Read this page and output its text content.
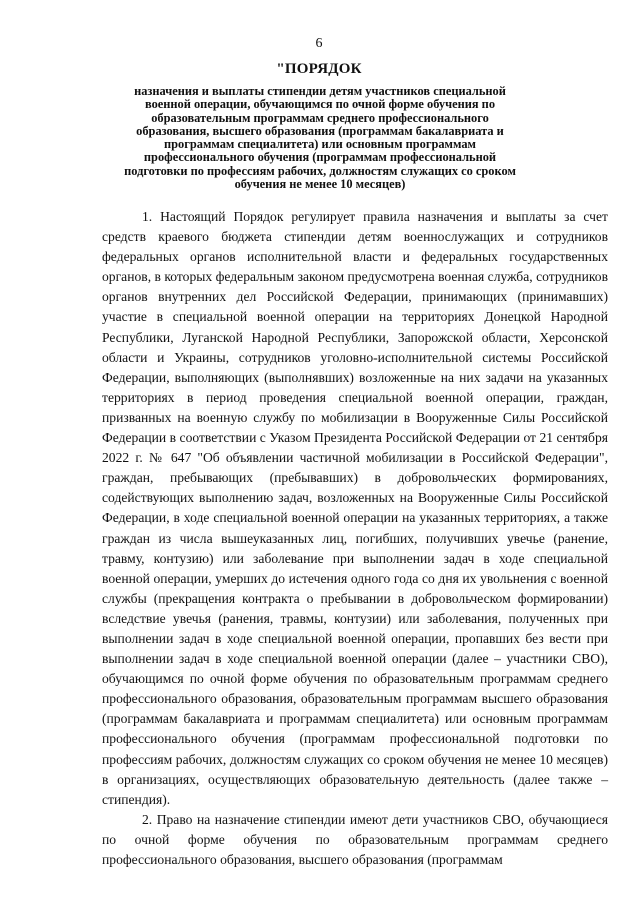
6
"ПОРЯДОК
назначения и выплаты стипендии детям участников специальной военной операции, обучающимся по очной форме обучения по образовательным программам среднего профессионального образования, высшего образования (программам бакалавриата и программам специалитета) или основным программам профессионального обучения (программам профессиональной подготовки по профессиям рабочих, должностям служащих со сроком обучения не менее 10 месяцев)

1. Настоящий Порядок регулирует правила назначения и выплаты за счет средств краевого бюджета стипендии детям военнослужащих и сотрудников федеральных органов исполнительной власти и федеральных государственных органов, в которых федеральным законом предусмотрена военная служба, сотрудников органов внутренних дел Российской Федерации, принимающих (принимавших) участие в специальной военной операции на территориях Донецкой Народной Республики, Луганской Народной Республики, Запорожской области, Херсонской области и Украины, сотрудников уголовно-исполнительной системы Российской Федерации, выполняющих (выполнявших) возложенные на них задачи на указанных территориях в период проведения специальной военной операции, граждан, призванных на военную службу по мобилизации в Вооруженные Силы Российской Федерации в соответствии с Указом Президента Российской Федерации от 21 сентября 2022 г. № 647 "Об объявлении частичной мобилизации в Российской Федерации", граждан, пребывающих (пребывавших) в добровольческих формированиях, содействующих выполнению задач, возложенных на Вооруженные Силы Российской Федерации, в ходе специальной военной операции на указанных территориях, а также граждан из числа вышеуказанных лиц, погибших, получивших увечье (ранение, травму, контузию) или заболевание при выполнении задач в ходе специальной военной операции, умерших до истечения одного года со дня их увольнения с военной службы (прекращения контракта о пребывании в добровольческом формировании) вследствие увечья (ранения, травмы, контузии) или заболевания, полученных при выполнении задач в ходе специальной военной операции, пропавших без вести при выполнении задач в ходе специальной военной операции (далее – участники СВО), обучающимся по очной форме обучения по образовательным программам среднего профессионального образования, образовательным программам высшего образования (программам бакалавриата и программам специалитета) или основным программам профессионального обучения (программам профессиональной подготовки по профессиям рабочих, должностям служащих со сроком обучения не менее 10 месяцев) в организациях, осуществляющих образовательную деятельность (далее также – стипендия).

2. Право на назначение стипендии имеют дети участников СВО, обучающиеся по очной форме обучения по образовательным программам среднего профессионального образования, высшего образования (программам
